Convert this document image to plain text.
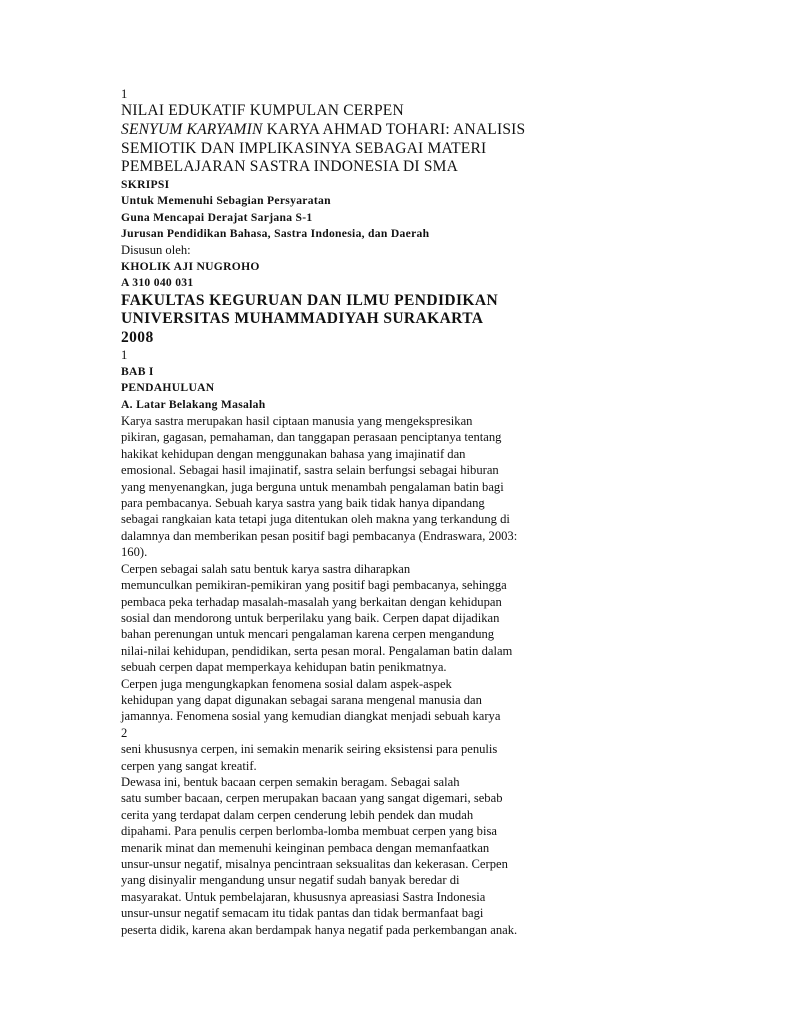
1
NILAI EDUKATIF KUMPULAN CERPEN
SENYUM KARYAMIN KARYA AHMAD TOHARI: ANALISIS
SEMIOTIK DAN IMPLIKASINYA SEBAGAI MATERI
PEMBELAJARAN SASTRA INDONESIA DI SMA
SKRIPSI
Untuk Memenuhi Sebagian Persyaratan
Guna Mencapai Derajat Sarjana S-1
Jurusan Pendidikan Bahasa, Sastra Indonesia, dan Daerah
Disusun oleh:
KHOLIK AJI NUGROHO
A 310 040 031
FAKULTAS KEGURUAN DAN ILMU PENDIDIKAN
UNIVERSITAS MUHAMMADIYAH SURAKARTA
2008
1
BAB I
PENDAHULUAN
A. Latar Belakang Masalah
Karya sastra merupakan hasil ciptaan manusia yang mengekspresikan
pikiran, gagasan, pemahaman, dan tanggapan perasaan penciptanya tentang
hakikat kehidupan dengan menggunakan bahasa yang imajinatif dan
emosional. Sebagai hasil imajinatif, sastra selain berfungsi sebagai hiburan
yang menyenangkan, juga berguna untuk menambah pengalaman batin bagi
para pembacanya. Sebuah karya sastra yang baik tidak hanya dipandang
sebagai rangkaian kata tetapi juga ditentukan oleh makna yang terkandung di
dalamnya dan memberikan pesan positif bagi pembacanya (Endraswara, 2003:
160).
Cerpen sebagai salah satu bentuk karya sastra diharapkan
memunculkan pemikiran-pemikiran yang positif bagi pembacanya, sehingga
pembaca peka terhadap masalah-masalah yang berkaitan dengan kehidupan
sosial dan mendorong untuk berperilaku yang baik. Cerpen dapat dijadikan
bahan perenungan untuk mencari pengalaman karena cerpen mengandung
nilai-nilai kehidupan, pendidikan, serta pesan moral. Pengalaman batin dalam
sebuah cerpen dapat memperkaya kehidupan batin penikmatnya.
Cerpen juga mengungkapkan fenomena sosial dalam aspek-aspek
kehidupan yang dapat digunakan sebagai sarana mengenal manusia dan
jamannya. Fenomena sosial yang kemudian diangkat menjadi sebuah karya
2
seni khususnya cerpen, ini semakin menarik seiring eksistensi para penulis
cerpen yang sangat kreatif.
Dewasa ini, bentuk bacaan cerpen semakin beragam. Sebagai salah
satu sumber bacaan, cerpen merupakan bacaan yang sangat digemari, sebab
cerita yang terdapat dalam cerpen cenderung lebih pendek dan mudah
dipahami. Para penulis cerpen berlomba-lomba membuat cerpen yang bisa
menarik minat dan memenuhi keinginan pembaca dengan memanfaatkan
unsur-unsur negatif, misalnya pencintraan seksualitas dan kekerasan. Cerpen
yang disinyalir mengandung unsur negatif sudah banyak beredar di
masyarakat. Untuk pembelajaran, khususnya apreasiasi Sastra Indonesia
unsur-unsur negatif semacam itu tidak pantas dan tidak bermanfaat bagi
peserta didik, karena akan berdampak hanya negatif pada perkembangan anak.
